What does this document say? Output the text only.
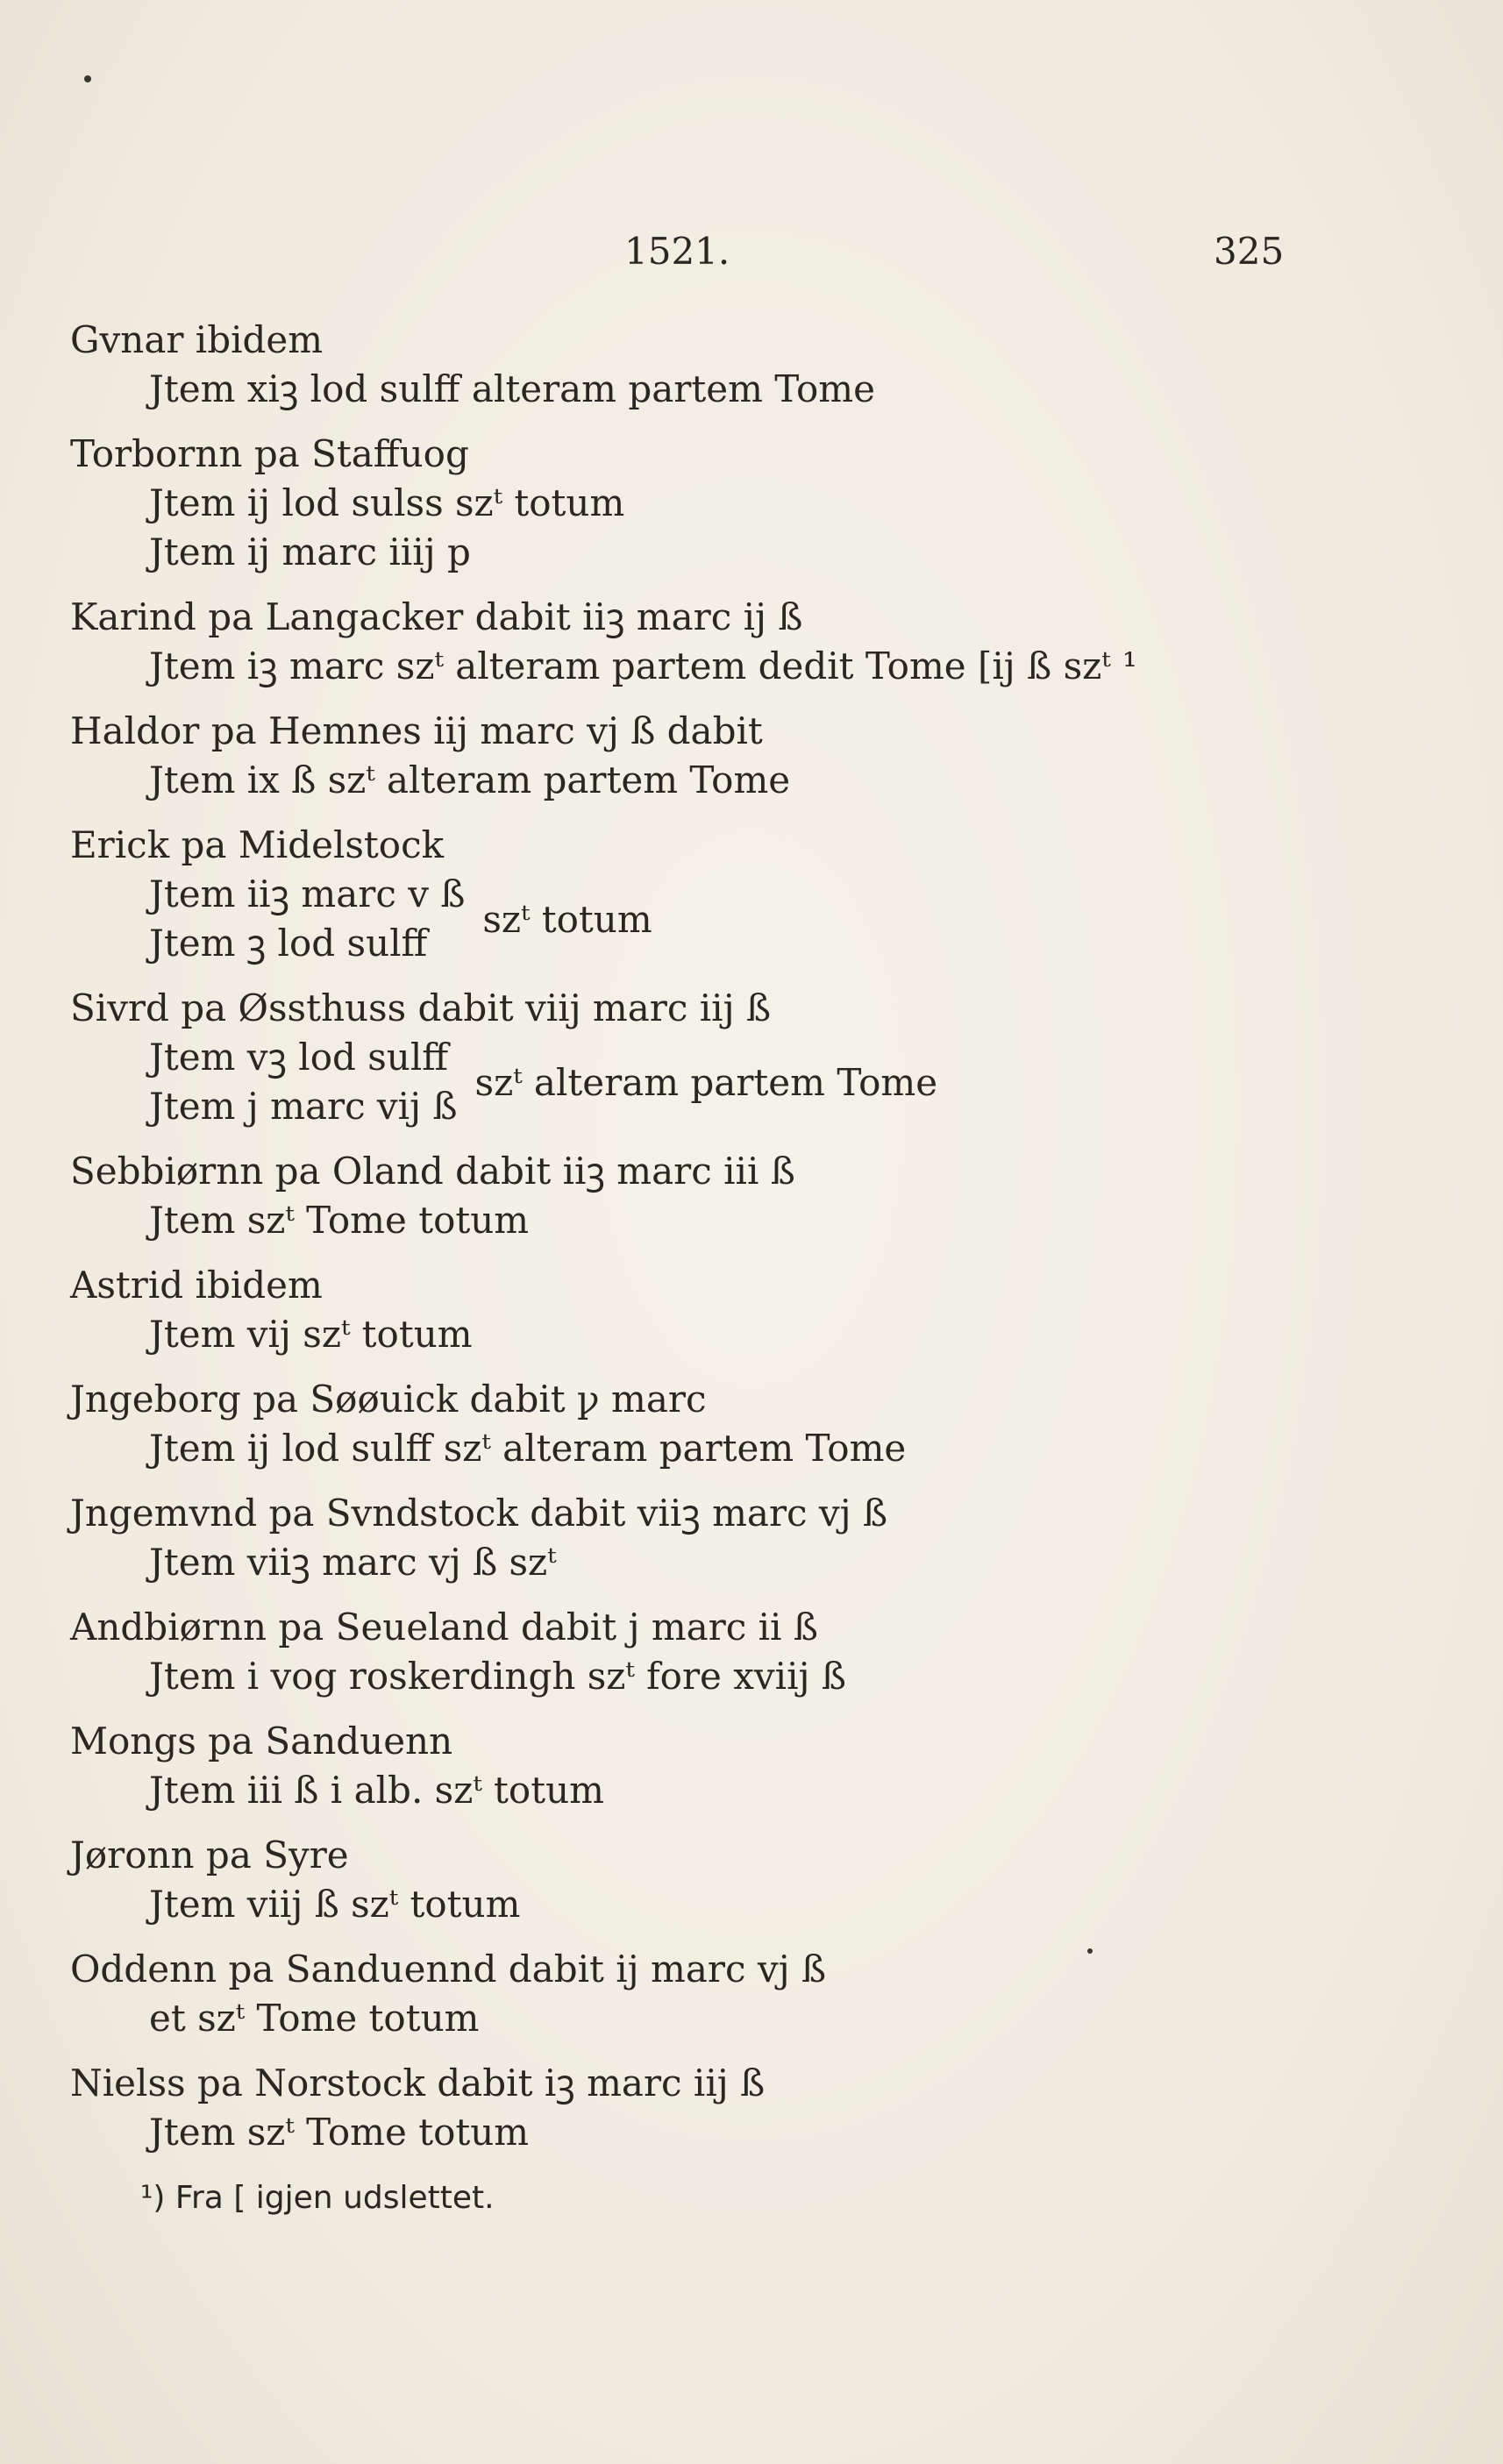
1521.	325
Gvnar ibidem
Jtem xiꝫ lod sulff alteram partem Tome
Torbornn pa Staffuog
Jtem ij lod sulss szᵗ totum
Jtem ij marc iiij p
Karind pa Langacker dabit iiꝫ marc ij ß
Jtem iꝫ marc szᵗ alteram partem dedit Tome [ij ß szᵗ ¹
Haldor pa Hemnes iij marc vj ß dabit
Jtem ix ß szᵗ alteram partem Tome
Erick pa Midelstock
Jtem iiꝫ marc v ß
Jtem ꝫ lod sulff
szᵗ totum
Sivrd pa Øssthuss dabit viij marc iij ß
Jtem vꝫ lod sulff
Jtem j marc vij ß
szᵗ alteram partem Tome
Sebbiørnn pa Oland dabit iiꝫ marc iii ß
Jtem szᵗ Tome totum
Astrid ibidem
Jtem vij szᵗ totum
Jngeborg pa Søøuick dabit ꝩ marc
Jtem ij lod sulff szᵗ alteram partem Tome
Jngemvnd pa Svndstock dabit viiꝫ marc vj ß
Jtem viiꝫ marc vj ß szᵗ
Andbiørnn pa Seueland dabit j marc ii ß
Jtem i vog roskerdingh szᵗ fore xviij ß
Mongs pa Sanduenn
Jtem iii ß i alb. szᵗ totum
Jøronn pa Syre
Jtem viij ß szᵗ totum
Oddenn pa Sanduennd dabit ij marc vj ß
et szᵗ Tome totum
Nielss pa Norstock dabit iꝫ marc iij ß
Jtem szᵗ Tome totum
¹) Fra [ igjen udslettet.
